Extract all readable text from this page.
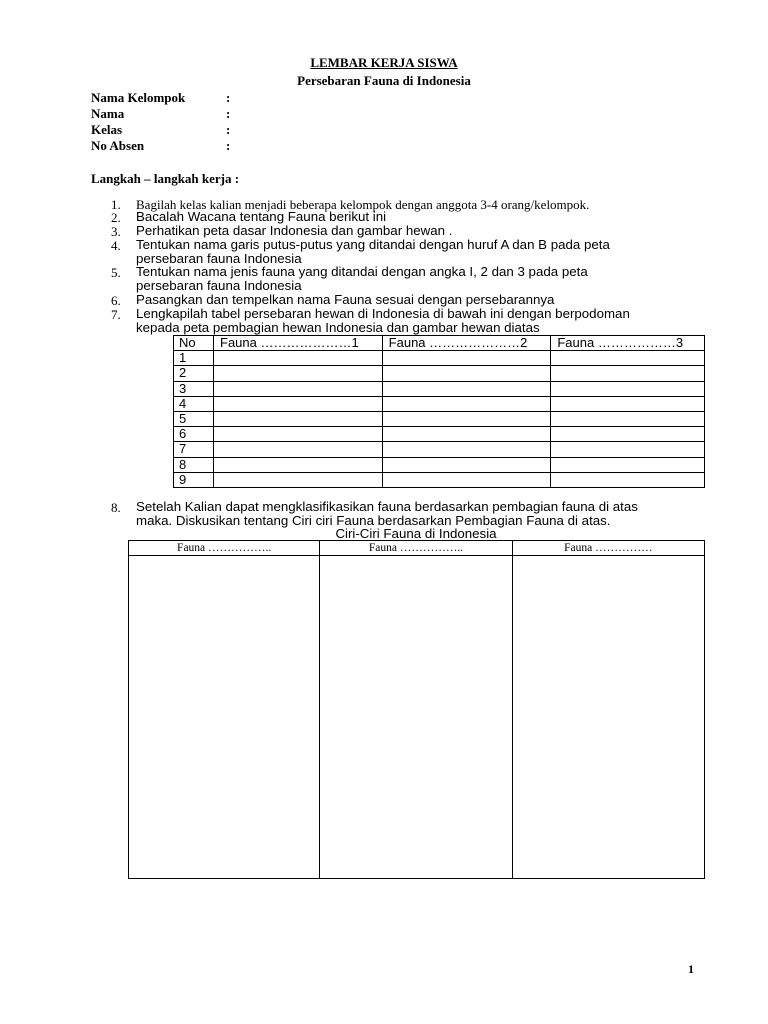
LEMBAR KERJA SISWA
Persebaran Fauna di Indonesia
Nama Kelompok	:
Nama	:
Kelas	:
No Absen	:
Langkah – langkah kerja :
1. Bagilah kelas kalian menjadi beberapa kelompok dengan anggota 3-4 orang/kelompok.
2. Bacalah Wacana tentang Fauna berikut ini
3. Perhatikan peta dasar Indonesia dan gambar hewan .
4. Tentukan nama garis putus-putus yang ditandai dengan huruf A dan B pada peta
persebaran fauna Indonesia
5. Tentukan nama jenis fauna yang ditandai dengan angka I, 2 dan 3 pada peta
persebaran fauna Indonesia
6. Pasangkan dan tempelkan nama Fauna sesuai dengan persebarannya
7. Lengkapilah tabel persebaran hewan di Indonesia di bawah ini dengan berpodoman
kepada peta pembagian hewan Indonesia dan gambar hewan diatas
No	Fauna …………………1	Fauna …………………2	Fauna ………………3
1			
2			
3			
4			
5			
6			
7			
8			
9			
8. Setelah Kalian dapat mengklasifikasikan fauna berdasarkan pembagian fauna di atas
maka. Diskusikan tentang Ciri ciri Fauna berdasarkan Pembagian Fauna di atas.
Ciri-Ciri Fauna di Indonesia
Fauna ……………..	Fauna ……………..	Fauna ……………

1
